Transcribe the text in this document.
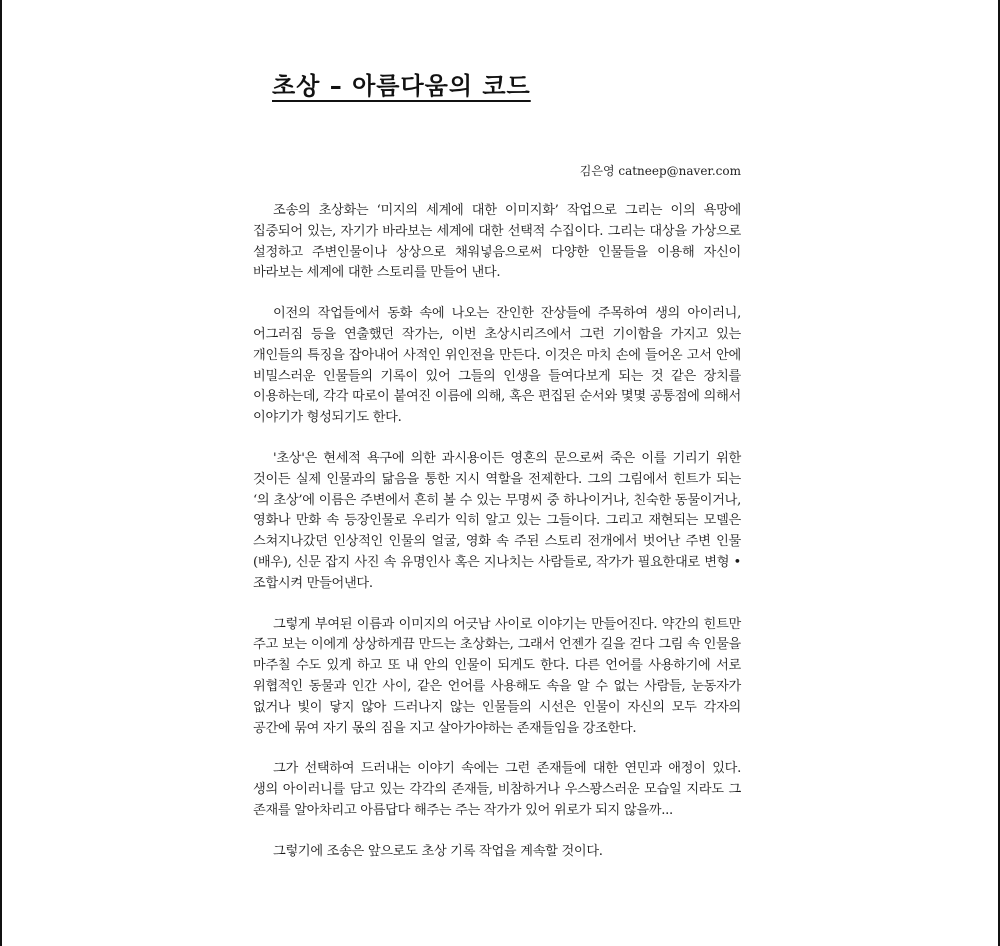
초상 – 아름다움의 코드
김은영 catneep@naver.com

조송의 초상화는 ‘미지의 세계에 대한 이미지화’ 작업으로 그리는 이의 욕망에 집중되어 있는, 자기가 바라보는 세계에 대한 선택적 수집이다. 그리는 대상을 가상으로 설정하고 주변인물이나 상상으로 채워넣음으로써 다양한 인물들을 이용해 자신이 바라보는 세계에 대한 스토리를 만들어 낸다.

이전의 작업들에서 동화 속에 나오는 잔인한 잔상들에 주목하여 생의 아이러니, 어그러짐 등을 연출했던 작가는, 이번 초상시리즈에서 그런 기이함을 가지고 있는 개인들의 특징을 잡아내어 사적인 위인전을 만든다. 이것은 마치 손에 들어온 고서 안에 비밀스러운 인물들의 기록이 있어 그들의 인생을 들여다보게 되는 것 같은 장치를 이용하는데, 각각 따로이 붙여진 이름에 의해, 혹은 편집된 순서와 몇몇 공통점에 의해서 이야기가 형성되기도 한다.

'초상'은 현세적 욕구에 의한 과시용이든 영혼의 문으로써 죽은 이를 기리기 위한 것이든 실제 인물과의 닮음을 통한 지시 역할을 전제한다. 그의 그림에서 힌트가 되는 ‘의 초상’에 이름은 주변에서 흔히 볼 수 있는 무명씨 중 하나이거나, 친숙한 동물이거나, 영화나 만화 속 등장인물로 우리가 익히 알고 있는 그들이다. 그리고 재현되는 모델은 스쳐지나갔던 인상적인 인물의 얼굴, 영화 속 주된 스토리 전개에서 벗어난 주변 인물(배우), 신문 잡지 사진 속 유명인사 혹은 지나치는 사람들로, 작가가 필요한대로 변형 • 조합시켜 만들어낸다.

그렇게 부여된 이름과 이미지의 어긋남 사이로 이야기는 만들어진다. 약간의 힌트만 주고 보는 이에게 상상하게끔 만드는 초상화는, 그래서 언젠가 길을 걷다 그림 속 인물을 마주칠 수도 있게 하고 또 내 안의 인물이 되게도 한다. 다른 언어를 사용하기에 서로 위협적인 동물과 인간 사이, 같은 언어를 사용해도 속을 알 수 없는 사람들, 눈동자가 없거나 빛이 닿지 않아 드러나지 않는 인물들의 시선은 인물이 자신의 모두 각자의 공간에 묶여 자기 몫의 짐을 지고 살아가야하는 존재들임을 강조한다.

그가 선택하여 드러내는 이야기 속에는 그런 존재들에 대한 연민과 애정이 있다. 생의 아이러니를 담고 있는 각각의 존재들, 비참하거나 우스꽝스러운 모습일 지라도 그 존재를 알아차리고 아름답다 해주는 주는 작가가 있어 위로가 되지 않을까...

그렇기에 조송은 앞으로도 초상 기록 작업을 계속할 것이다.
